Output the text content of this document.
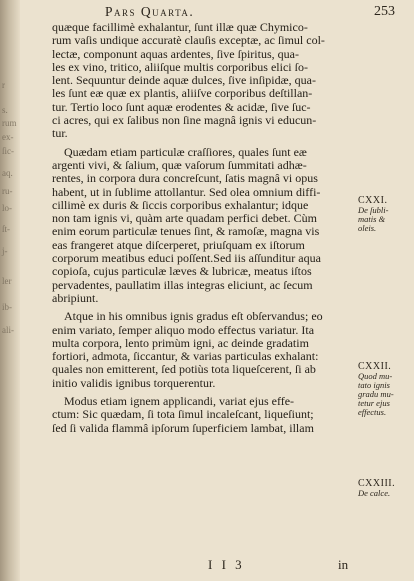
r
s.
rum
ex-
ſic-
aq.
ru-
lo-
ſt-
j-
ler
ib-
ali-
Pars Quarta.	253
quæque facillimè exhalantur, ſunt illæ quæ Chymico-
rum vaſis undique accuratè clauſis exceptæ, ac ſimul col-
lectæ, componunt aquas ardentes, ſive ſpiritus, qua-
les ex vino, tritico, aliiſque multis corporibus elici ſo-
lent. Sequuntur deinde aquæ dulces, ſive inſipidæ, qua-
les ſunt eæ quæ ex plantis, aliiſve corporibus deſtillan-
tur. Tertio loco ſunt aquæ erodentes & acidæ, ſive ſuc-
ci acres, qui ex ſalibus non ſine magnâ ignis vi educun-
tur.
Quædam etiam particulæ craſſiores, quales ſunt eæ
argenti vivi, & ſalium, quæ vaſorum ſummitati adhæ-
rentes, in corpora dura concreſcunt, ſatis magnâ vi opus
habent, ut in ſublime attollantur. Sed olea omnium diffi-
cillimè ex duris & ſiccis corporibus exhalantur; idque
non tam ignis vi, quàm arte quadam perfici debet. Cùm
enim eorum particulæ tenues ſint, & ramoſæ, magna vis
eas frangeret atque diſcerperet, priuſquam ex iſtorum
corporum meatibus educi poſſent.Sed iis aſſunditur aqua
copioſa, cujus particulæ læves & lubricæ, meatus iſtos
pervadentes, paullatim illas integras eliciunt, ac ſecum
abripiunt.
Atque in his omnibus ignis gradus eſt obſervandus; eo
enim variato, ſemper aliquo modo effectus variatur. Ita
multa corpora, lento primùm igni, ac deinde gradatim
fortiori, admota, ſiccantur, & varias particulas exhalant:
quales non emitterent, ſed potiùs tota liqueſcerent, ſi ab
initio validis ignibus torquerentur.
Modus etiam ignem applicandi, variat ejus effe-
ctum: Sic quædam, ſi tota ſimul incaleſcant, liqueſiunt;
ſed ſi valida flammâ ipſorum ſuperficiem lambat, illam
CXXI.
De ſubli-
matis &
oleis.
CXXII.
Quod mu-
tato ignis
gradu mu-
tetur ejus
effectus.
CXXIII.
De calce.
I I 3	in
